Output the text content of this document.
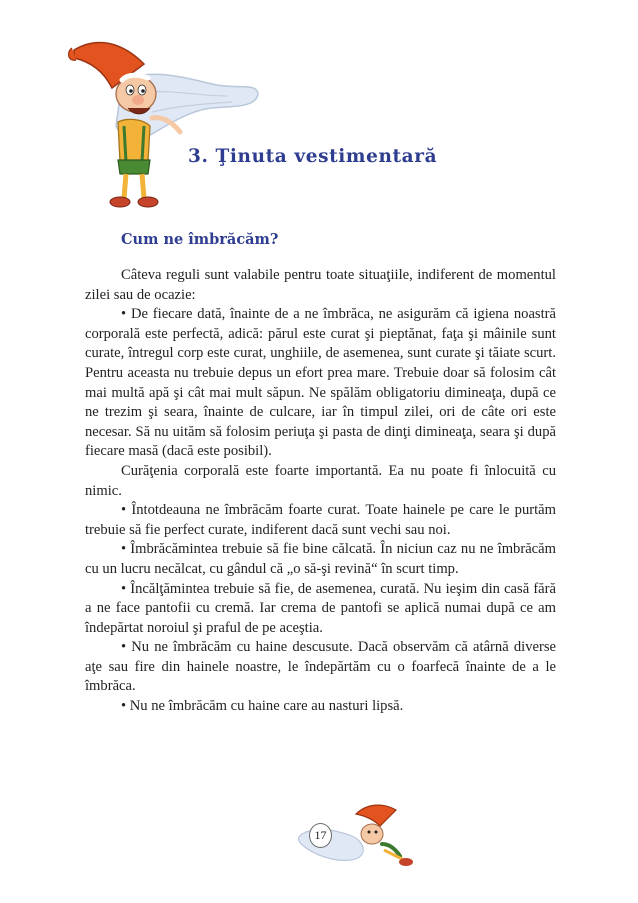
3. Ţinuta vestimentară
Cum ne îmbrăcăm?

Câteva reguli sunt valabile pentru toate situaţiile, indiferent de momentul zilei sau de ocazie:

• De fiecare dată, înainte de a ne îmbrăca, ne asigurăm că igiena noastră corporală este perfectă, adică: părul este curat şi pieptănat, faţa şi mâinile sunt curate, întregul corp este curat, unghiile, de asemenea, sunt curate şi tăiate scurt. Pentru aceasta nu trebuie depus un efort prea mare. Trebuie doar să folosim cât mai multă apă şi cât mai mult săpun. Ne spălăm obligatoriu dimineaţa, după ce ne trezim şi seara, înainte de culcare, iar în timpul zilei, ori de câte ori este necesar. Să nu uităm să folosim periuţa şi pasta de dinţi dimineaţa, seara şi după fiecare masă (dacă este posibil).

Curăţenia corporală este foarte importantă. Ea nu poate fi înlocuită cu nimic.

• Întotdeauna ne îmbrăcăm foarte curat. Toate hainele pe care le purtăm trebuie să fie perfect curate, indiferent dacă sunt vechi sau noi.

• Îmbrăcămintea trebuie să fie bine călcată. În niciun caz nu ne îmbrăcăm cu un lucru necălcat, cu gândul că „o să-şi revină“ în scurt timp.

• Încălţămintea trebuie să fie, de asemenea, curată. Nu ieşim din casă fără a ne face pantofii cu cremă. Iar crema de pantofi se aplică numai după ce am îndepărtat noroiul şi praful de pe aceştia.

• Nu ne îmbrăcăm cu haine descusute. Dacă observăm că atârnă diverse aţe sau fire din hainele noastre, le îndepărtăm cu o foarfecă înainte de a le îmbrăca.

• Nu ne îmbrăcăm cu haine care au nasturi lipsă.

17
